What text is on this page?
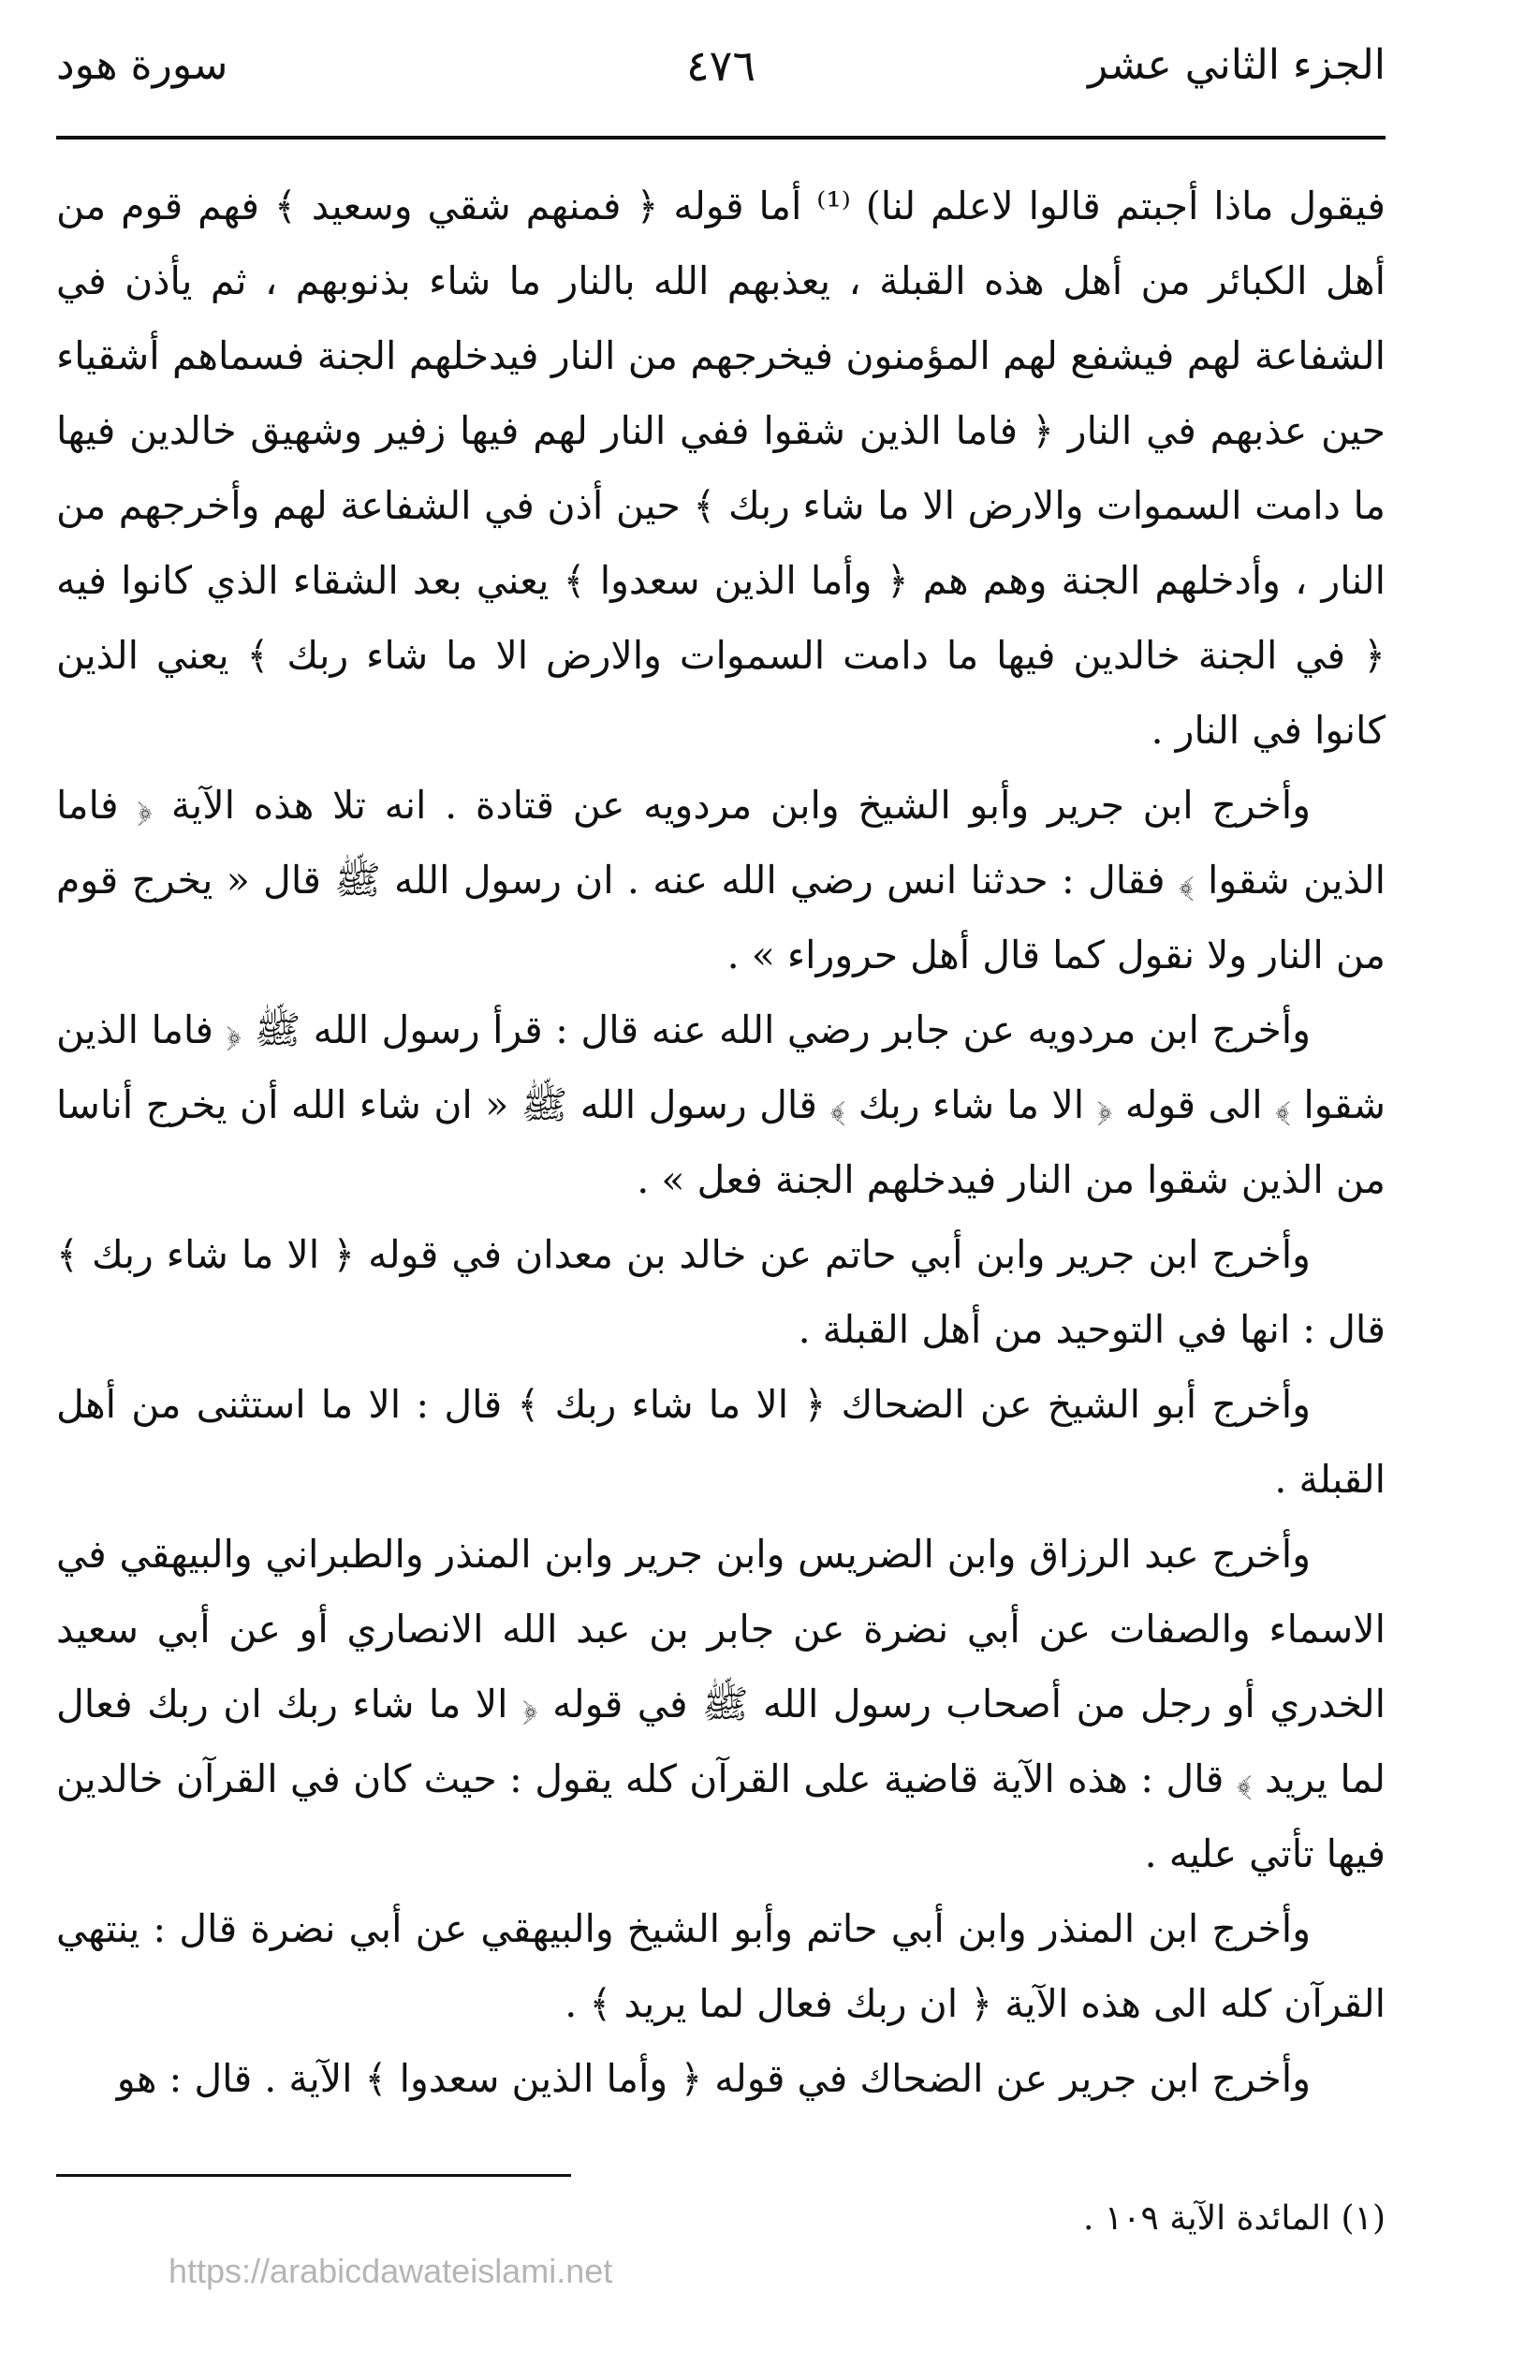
الجزء الثاني عشر
٤٧٦
سورة هود

فيقول ماذا أجبتم قالوا لاعلم لنا) ⁽¹⁾ أما قوله ﴿ فمنهم شقي وسعيد ﴾ فهم قوم من أهل الكبائر من أهل هذه القبلة ، يعذبهم الله بالنار ما شاء بذنوبهم ، ثم يأذن في الشفاعة لهم فيشفع لهم المؤمنون فيخرجهم من النار فيدخلهم الجنة فسماهم أشقياء حين عذبهم في النار ﴿ فاما الذين شقوا ففي النار لهم فيها زفير وشهيق خالدين فيها ما دامت السموات والارض الا ما شاء ربك ﴾ حين أذن في الشفاعة لهم وأخرجهم من النار ، وأدخلهم الجنة وهم هم ﴿ وأما الذين سعدوا ﴾ يعني بعد الشقاء الذي كانوا فيه ﴿ في الجنة خالدين فيها ما دامت السموات والارض الا ما شاء ربك ﴾ يعني الذين كانوا في النار .

وأخرج ابن جرير وأبو الشيخ وابن مردويه عن قتادة . انه تلا هذه الآية ﴿ فاما الذين شقوا ﴾ فقال : حدثنا انس رضي الله عنه . ان رسول الله ﷺ قال « يخرج قوم من النار ولا نقول كما قال أهل حروراء » .

وأخرج ابن مردويه عن جابر رضي الله عنه قال : قرأ رسول الله ﷺ ﴿ فاما الذين شقوا ﴾ الى قوله ﴿ الا ما شاء ربك ﴾ قال رسول الله ﷺ « ان شاء الله أن يخرج أناسا من الذين شقوا من النار فيدخلهم الجنة فعل » .

وأخرج ابن جرير وابن أبي حاتم عن خالد بن معدان في قوله ﴿ الا ما شاء ربك ﴾ قال : انها في التوحيد من أهل القبلة .

وأخرج أبو الشيخ عن الضحاك ﴿ الا ما شاء ربك ﴾ قال : الا ما استثنى من أهل القبلة .

وأخرج عبد الرزاق وابن الضريس وابن جرير وابن المنذر والطبراني والبيهقي في الاسماء والصفات عن أبي نضرة عن جابر بن عبد الله الانصاري أو عن أبي سعيد الخدري أو رجل من أصحاب رسول الله ﷺ في قوله ﴿ الا ما شاء ربك ان ربك فعال لما يريد ﴾ قال : هذه الآية قاضية على القرآن كله يقول : حيث كان في القرآن خالدين فيها تأتي عليه .

وأخرج ابن المنذر وابن أبي حاتم وأبو الشيخ والبيهقي عن أبي نضرة قال : ينتهي القرآن كله الى هذه الآية ﴿ ان ربك فعال لما يريد ﴾ .

وأخرج ابن جرير عن الضحاك في قوله ﴿ وأما الذين سعدوا ﴾ الآية . قال : هو

(١) المائدة الآية ١٠٩ .
https://arabicdawateislami.net
